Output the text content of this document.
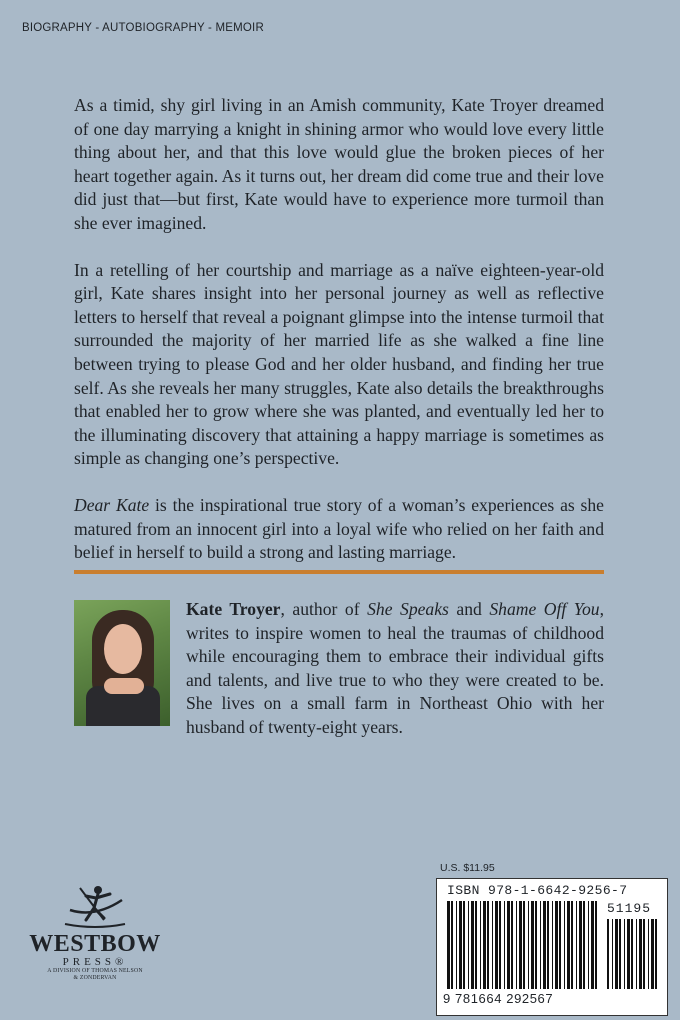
BIOGRAPHY - AUTOBIOGRAPHY - MEMOIR

As a timid, shy girl living in an Amish community, Kate Troyer dreamed of one day marrying a knight in shining armor who would love every little thing about her, and that this love would glue the broken pieces of her heart together again. As it turns out, her dream did come true and their love did just that—but first, Kate would have to experience more turmoil than she ever imagined.

In a retelling of her courtship and marriage as a naïve eighteen-year-old girl, Kate shares insight into her personal journey as well as reflective letters to herself that reveal a poignant glimpse into the intense turmoil that surrounded the majority of her married life as she walked a fine line between trying to please God and her older husband, and finding her true self. As she reveals her many struggles, Kate also details the breakthroughs that enabled her to grow where she was planted, and eventually led her to the illuminating discovery that attaining a happy marriage is sometimes as simple as changing one’s perspective.

Dear Kate is the inspirational true story of a woman’s experiences as she matured from an innocent girl into a loyal wife who relied on her faith and belief in herself to build a strong and lasting marriage.

Kate Troyer, author of She Speaks and Shame Off You, writes to inspire women to heal the traumas of childhood while encouraging them to embrace their individual gifts and talents, and live true to who they were created to be. She lives on a small farm in Northeast Ohio with her husband of twenty-eight years.
WESTBOW
PRESS®
A DIVISION OF THOMAS NELSON
& ZONDERVAN
U.S. $11.95
ISBN 978-1-6642-9256-7
51195
9 781664 292567
